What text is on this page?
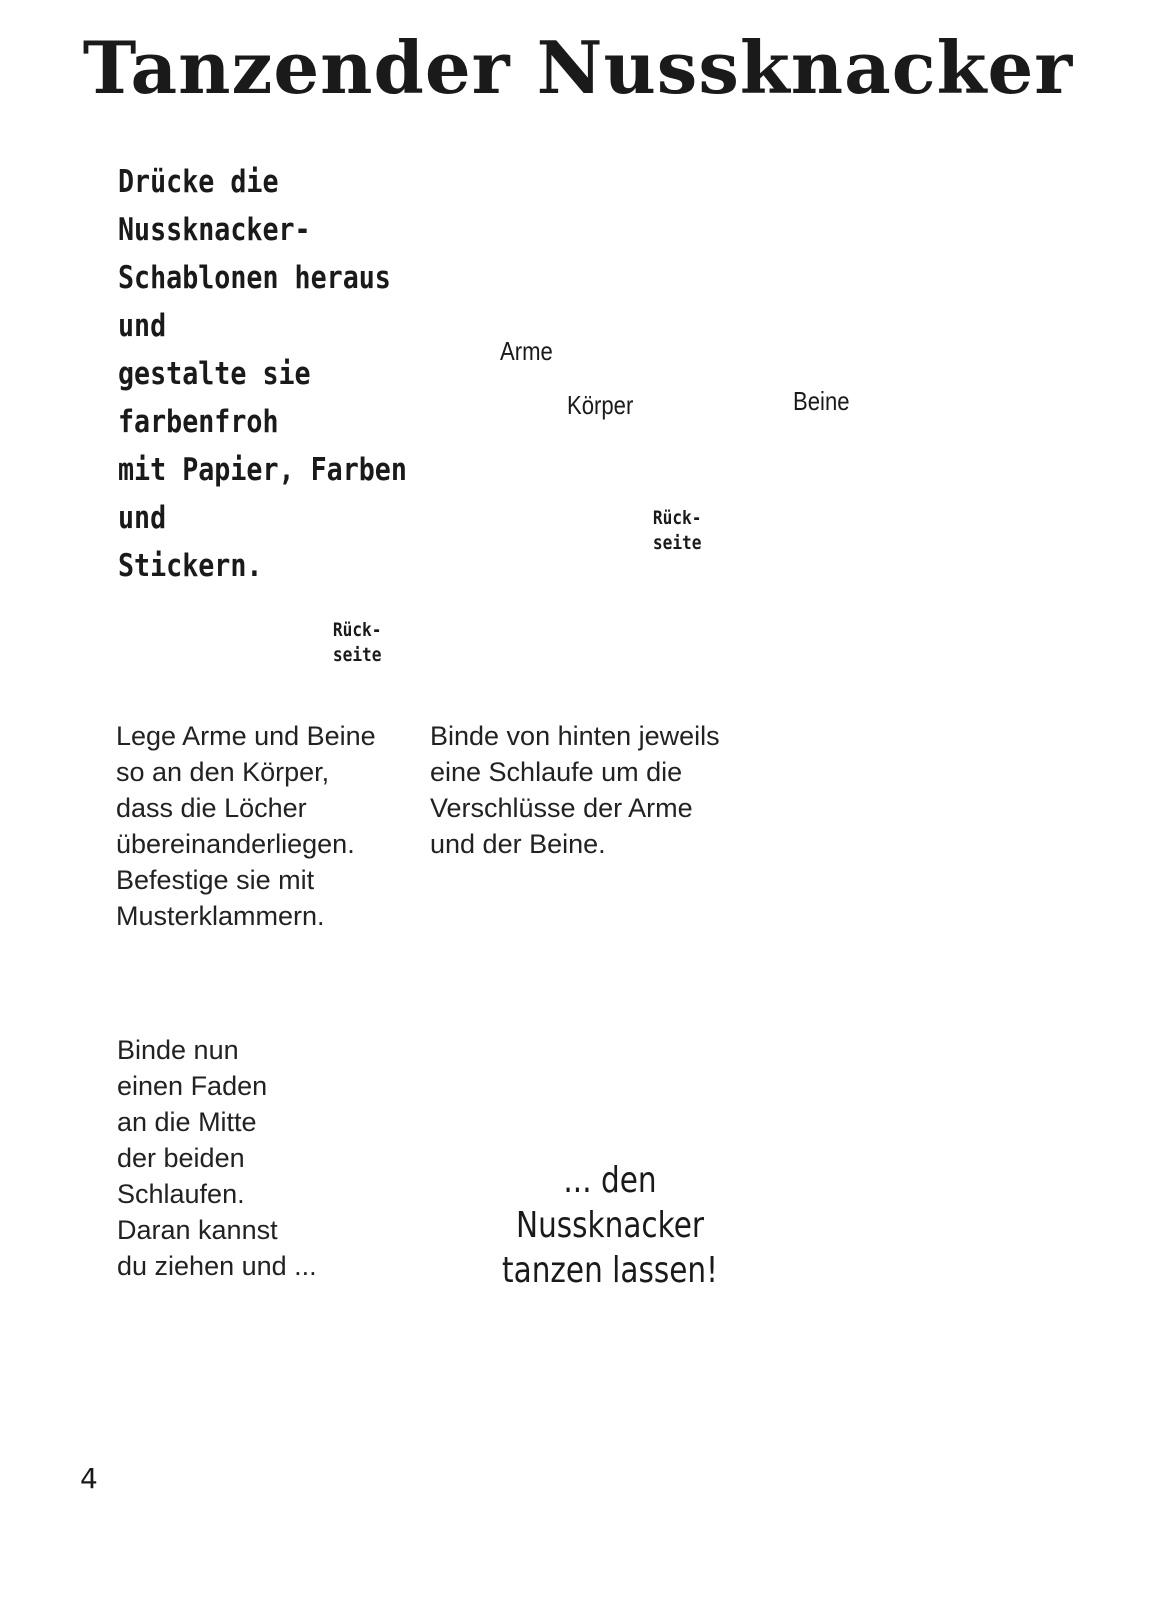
Tanzender Nussknacker
Drücke die Nussknacker-
Schablonen heraus und
gestalte sie farbenfroh
mit Papier, Farben und
Stickern.
Arme
Körper	Beine
Rück-
seite
Rück-
seite
Lege Arme und Beine
so an den Körper,
dass die Löcher
übereinanderliegen.
Befestige sie mit
Musterklammern.
Binde von hinten jeweils
eine Schlaufe um die
Verschlüsse der Arme
und der Beine.
Binde nun
einen Faden
an die Mitte
der beiden
Schlaufen.
Daran kannst
du ziehen und ...
... den
Nussknacker
tanzen lassen!
4
